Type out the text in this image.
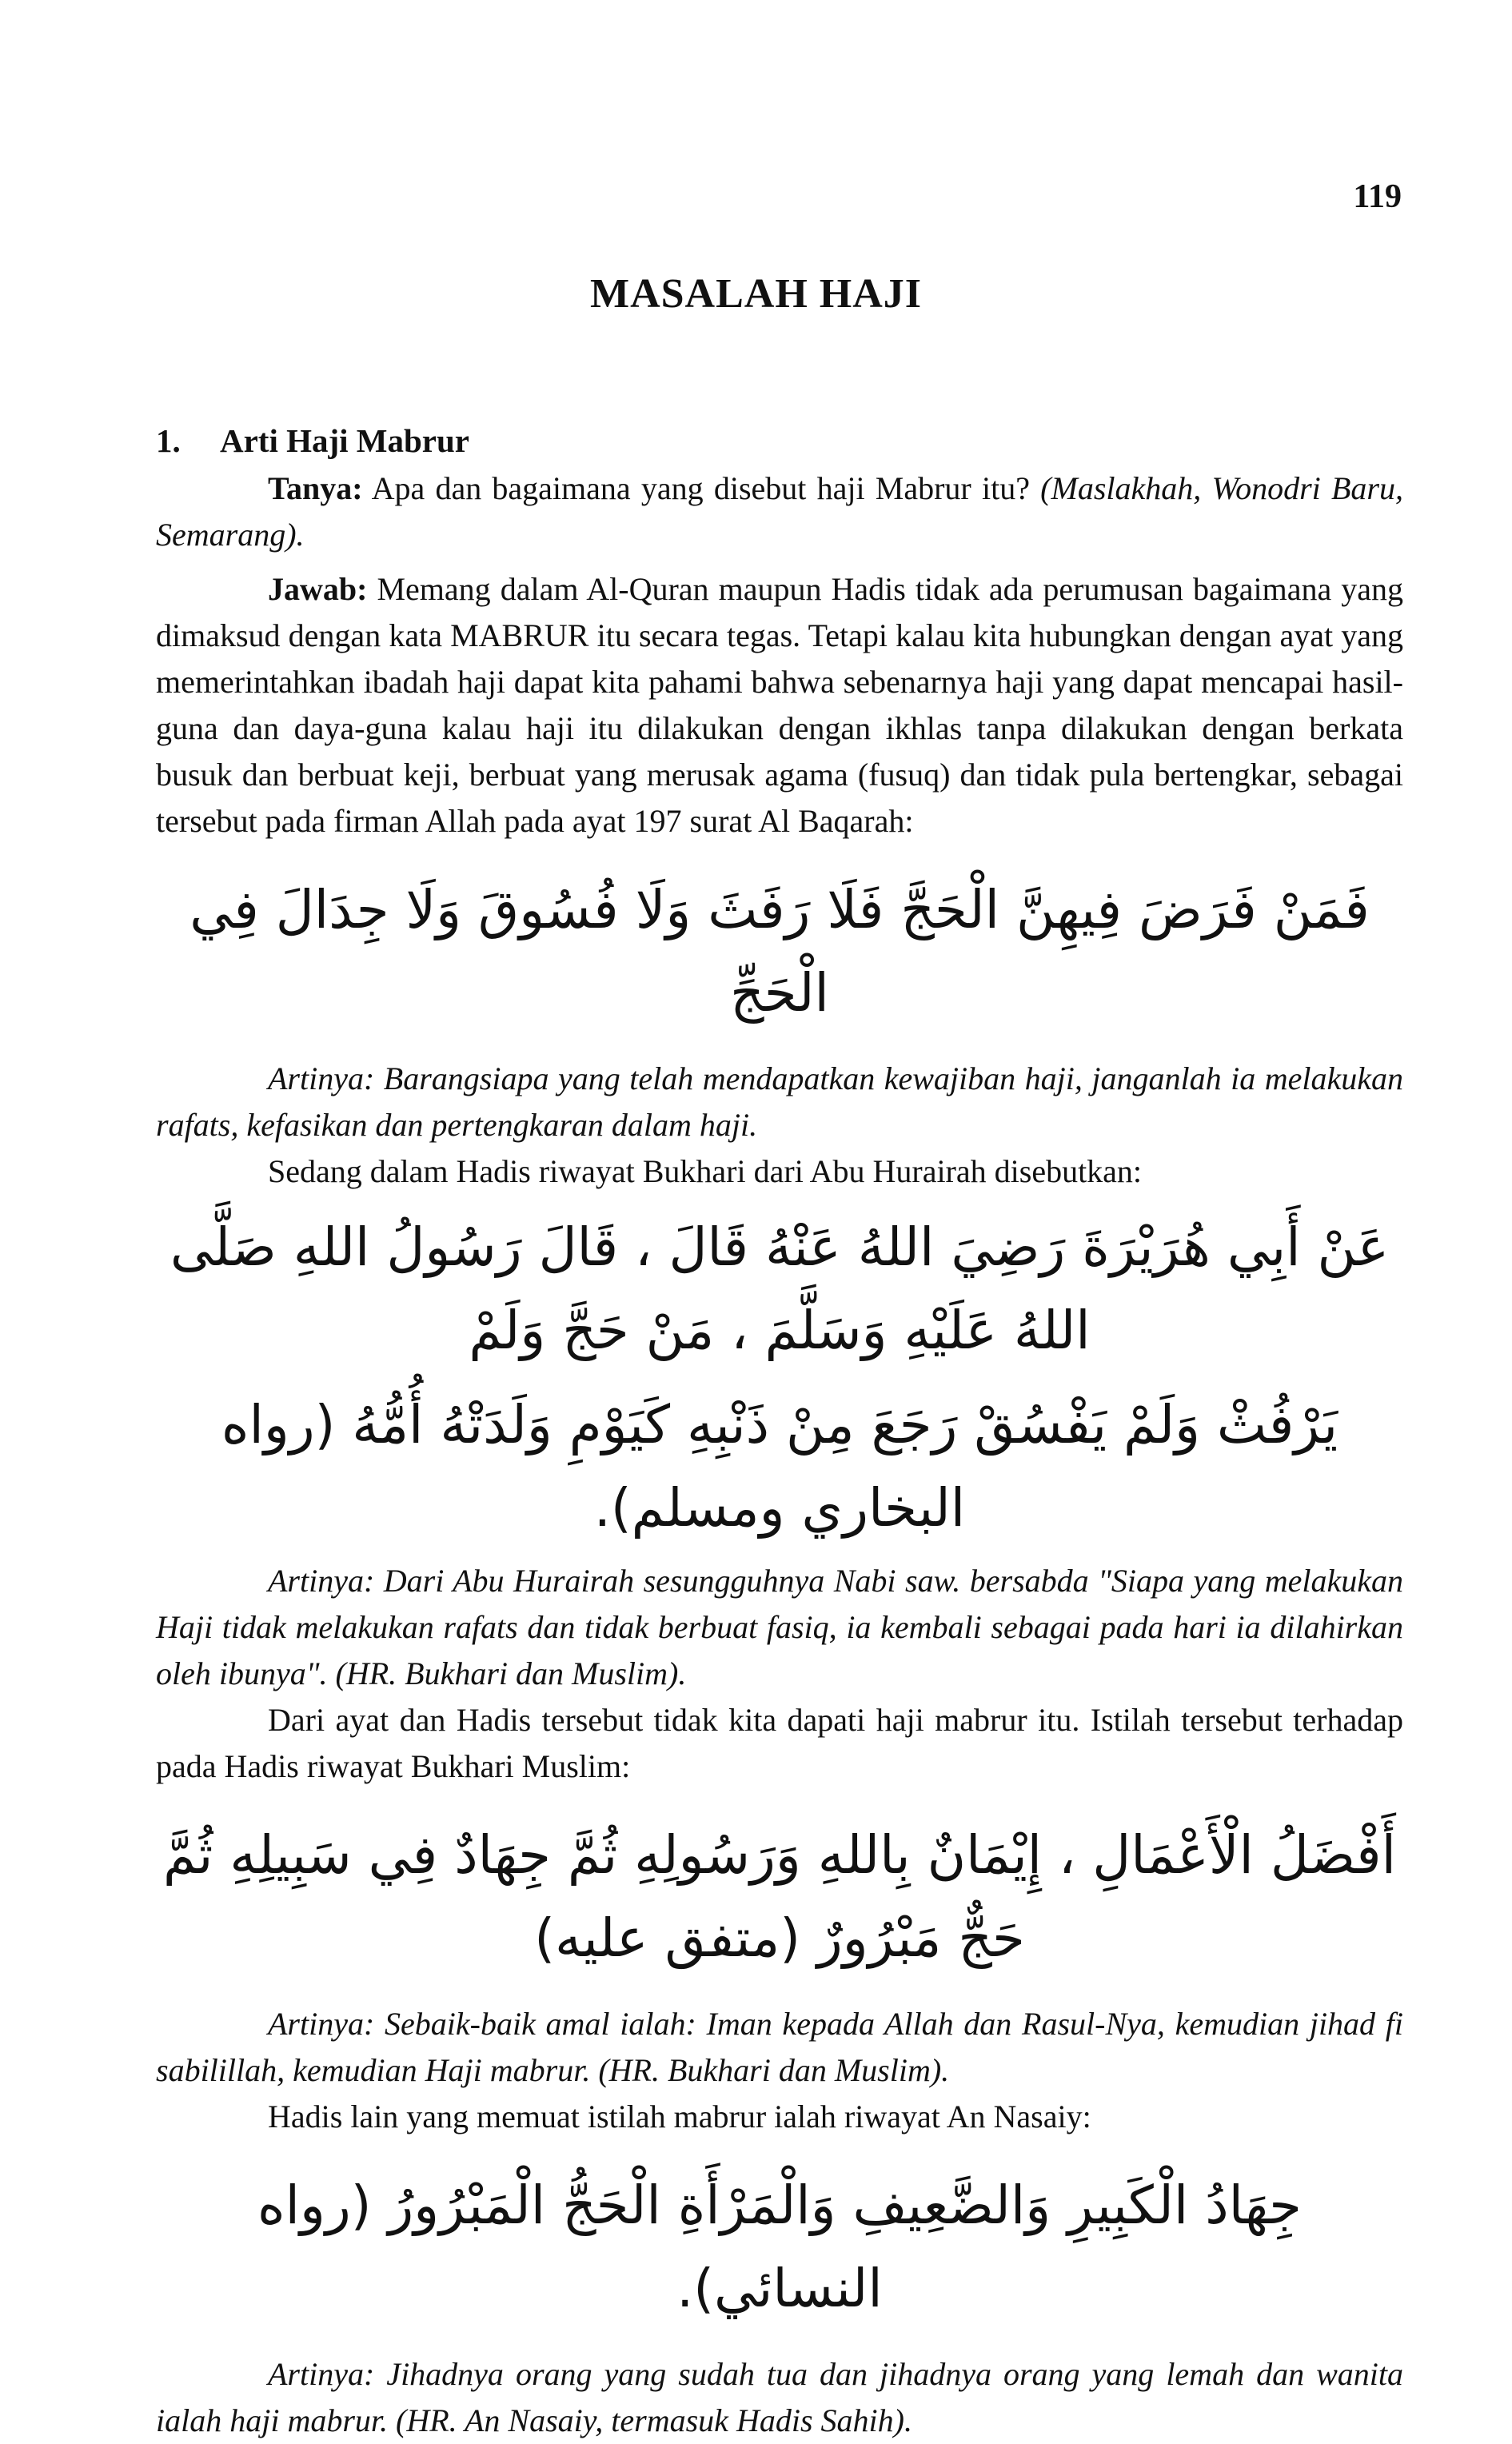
119
MASALAH HAJI
1. Arti Haji Mabrur

Tanya: Apa dan bagaimana yang disebut haji Mabrur itu? (Maslakhah, Wonodri Baru, Semarang).

Jawab: Memang dalam Al-Quran maupun Hadis tidak ada perumusan bagaimana yang dimaksud dengan kata MABRUR itu secara tegas. Tetapi kalau kita hubungkan dengan ayat yang memerintahkan ibadah haji dapat kita pahami bahwa sebenarnya haji yang dapat mencapai hasil-guna dan daya-guna kalau haji itu dilakukan dengan ikhlas tanpa dilakukan dengan berkata busuk dan berbuat keji, berbuat yang merusak agama (fusuq) dan tidak pula bertengkar, sebagai tersebut pada firman Allah pada ayat 197 surat Al Baqarah:

فَمَنْ فَرَضَ فِيهِنَّ الْحَجَّ فَلَا رَفَثَ وَلَا فُسُوقَ وَلَا جِدَالَ فِي الْحَجِّ

Artinya: Barangsiapa yang telah mendapatkan kewajiban haji, janganlah ia melakukan rafats, kefasikan dan pertengkaran dalam haji.

Sedang dalam Hadis riwayat Bukhari dari Abu Hurairah disebutkan:

عَنْ أَبِي هُرَيْرَةَ رَضِيَ اللهُ عَنْهُ قَالَ ، قَالَ رَسُولُ اللهِ صَلَّى اللهُ عَلَيْهِ وَسَلَّمَ ، مَنْ حَجَّ وَلَمْ
يَرْفُثْ وَلَمْ يَفْسُقْ رَجَعَ مِنْ ذَنْبِهِ كَيَوْمِ وَلَدَتْهُ أُمُّهُ (رواه البخاري ومسلم).

Artinya: Dari Abu Hurairah sesungguhnya Nabi saw. bersabda "Siapa yang melakukan Haji tidak melakukan rafats dan tidak berbuat fasiq, ia kembali sebagai pada hari ia dilahirkan oleh ibunya". (HR. Bukhari dan Muslim).

Dari ayat dan Hadis tersebut tidak kita dapati haji mabrur itu. Istilah tersebut terhadap pada Hadis riwayat Bukhari Muslim:

أَفْضَلُ الْأَعْمَالِ ، إِيْمَانٌ بِاللهِ وَرَسُولِهِ ثُمَّ جِهَادٌ فِي سَبِيلِهِ ثُمَّ حَجٌّ مَبْرُورٌ (متفق عليه)

Artinya: Sebaik-baik amal ialah: Iman kepada Allah dan Rasul-Nya, kemudian jihad fi sabilillah, kemudian Haji mabrur. (HR. Bukhari dan Muslim).

Hadis lain yang memuat istilah mabrur ialah riwayat An Nasaiy:

جِهَادُ الْكَبِيرِ وَالضَّعِيفِ وَالْمَرْأَةِ الْحَجُّ الْمَبْرُورُ (رواه النسائي).

Artinya: Jihadnya orang yang sudah tua dan jihadnya orang yang lemah dan wanita ialah haji mabrur. (HR. An Nasaiy, termasuk Hadis Sahih).
